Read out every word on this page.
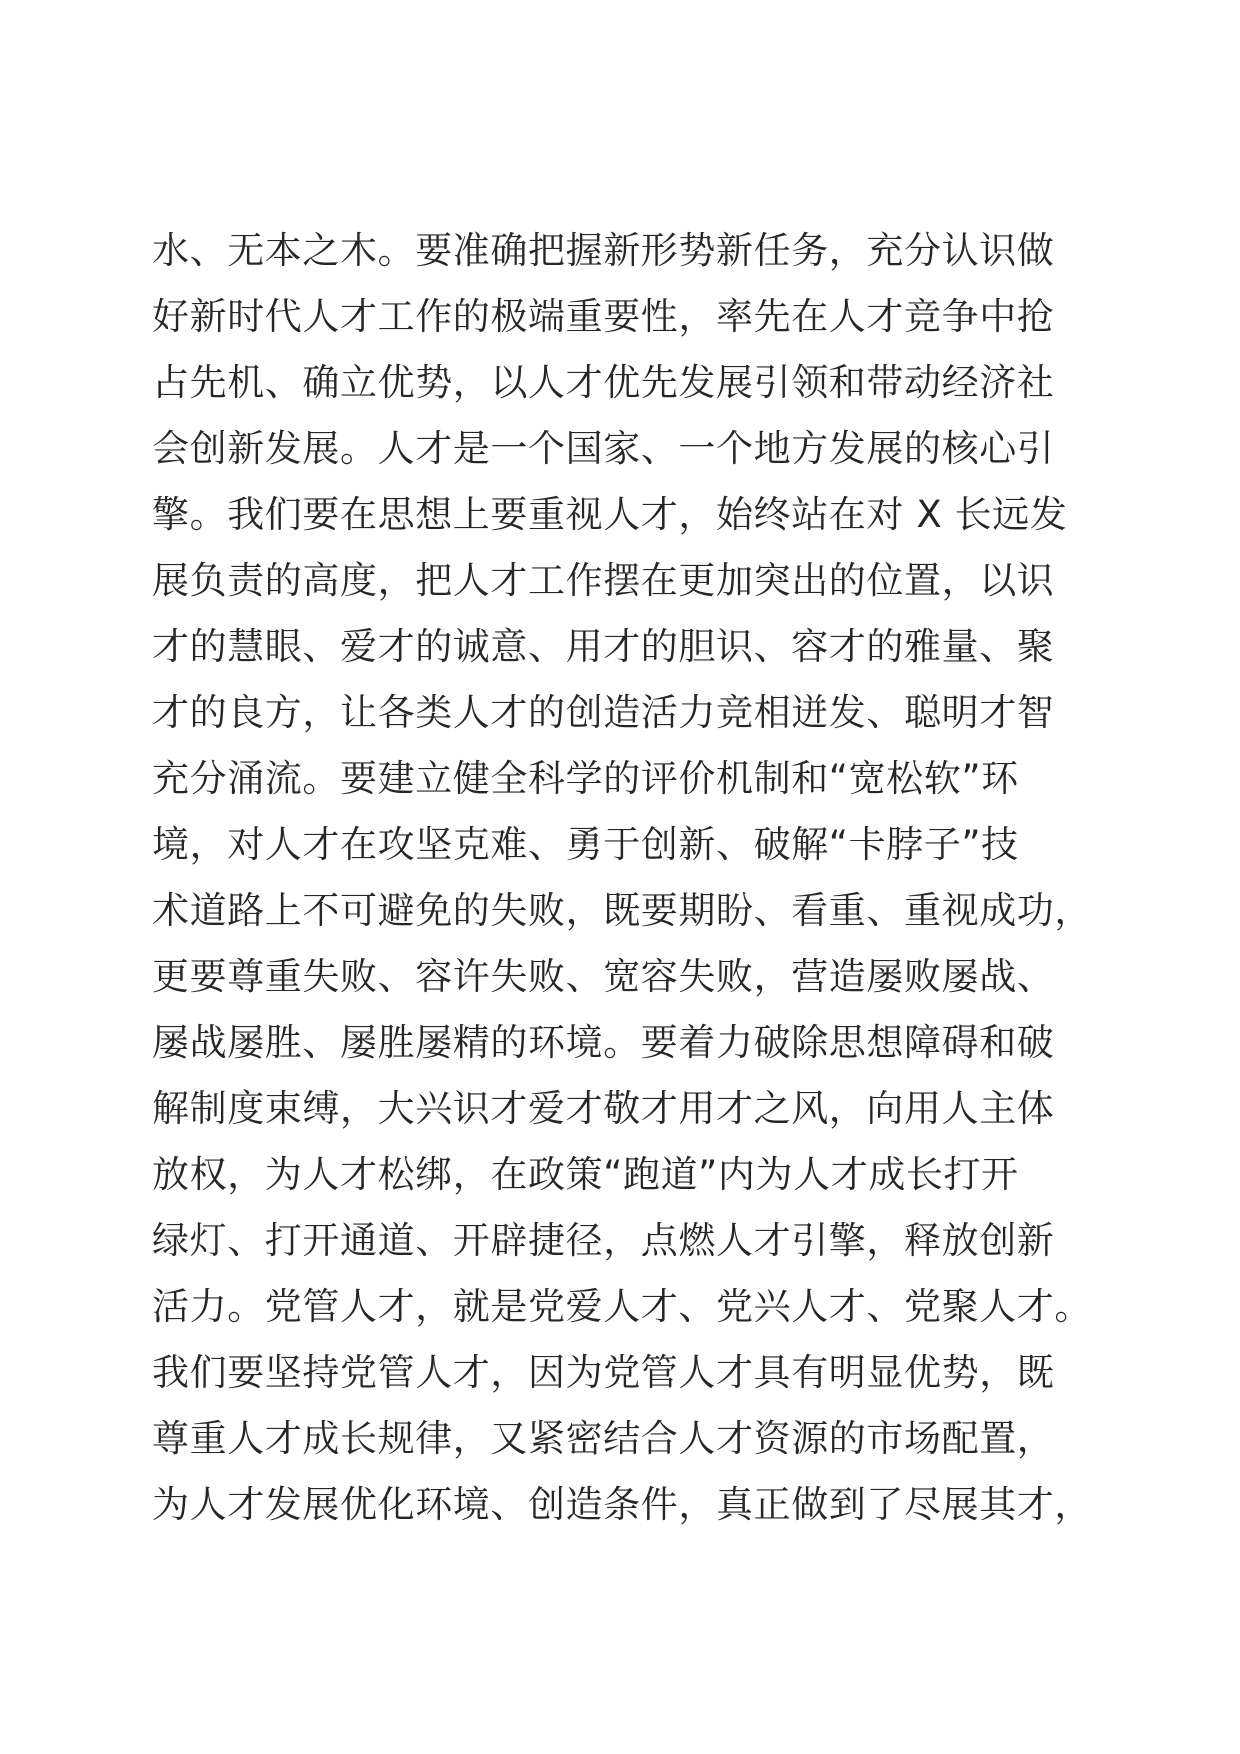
水、无本之木。要准确把握新形势新任务，充分认识做
好新时代人才工作的极端重要性，率先在人才竞争中抢
占先机、确立优势，以人才优先发展引领和带动经济社
会创新发展。人才是一个国家、一个地方发展的核心引
擎。我们要在思想上要重视人才，始终站在对 X 长远发
展负责的高度，把人才工作摆在更加突出的位置，以识
才的慧眼、爱才的诚意、用才的胆识、容才的雅量、聚
才的良方，让各类人才的创造活力竞相迸发、聪明才智
充分涌流。要建立健全科学的评价机制和“宽松软”环
境，对人才在攻坚克难、勇于创新、破解“卡脖子”技
术道路上不可避免的失败，既要期盼、看重、重视成功，
更要尊重失败、容许失败、宽容失败，营造屡败屡战、
屡战屡胜、屡胜屡精的环境。要着力破除思想障碍和破
解制度束缚，大兴识才爱才敬才用才之风，向用人主体
放权，为人才松绑，在政策“跑道”内为人才成长打开
绿灯、打开通道、开辟捷径，点燃人才引擎，释放创新
活力。党管人才，就是党爱人才、党兴人才、党聚人才。
我们要坚持党管人才，因为党管人才具有明显优势，既
尊重人才成长规律，又紧密结合人才资源的市场配置，
为人才发展优化环境、创造条件，真正做到了尽展其才，
